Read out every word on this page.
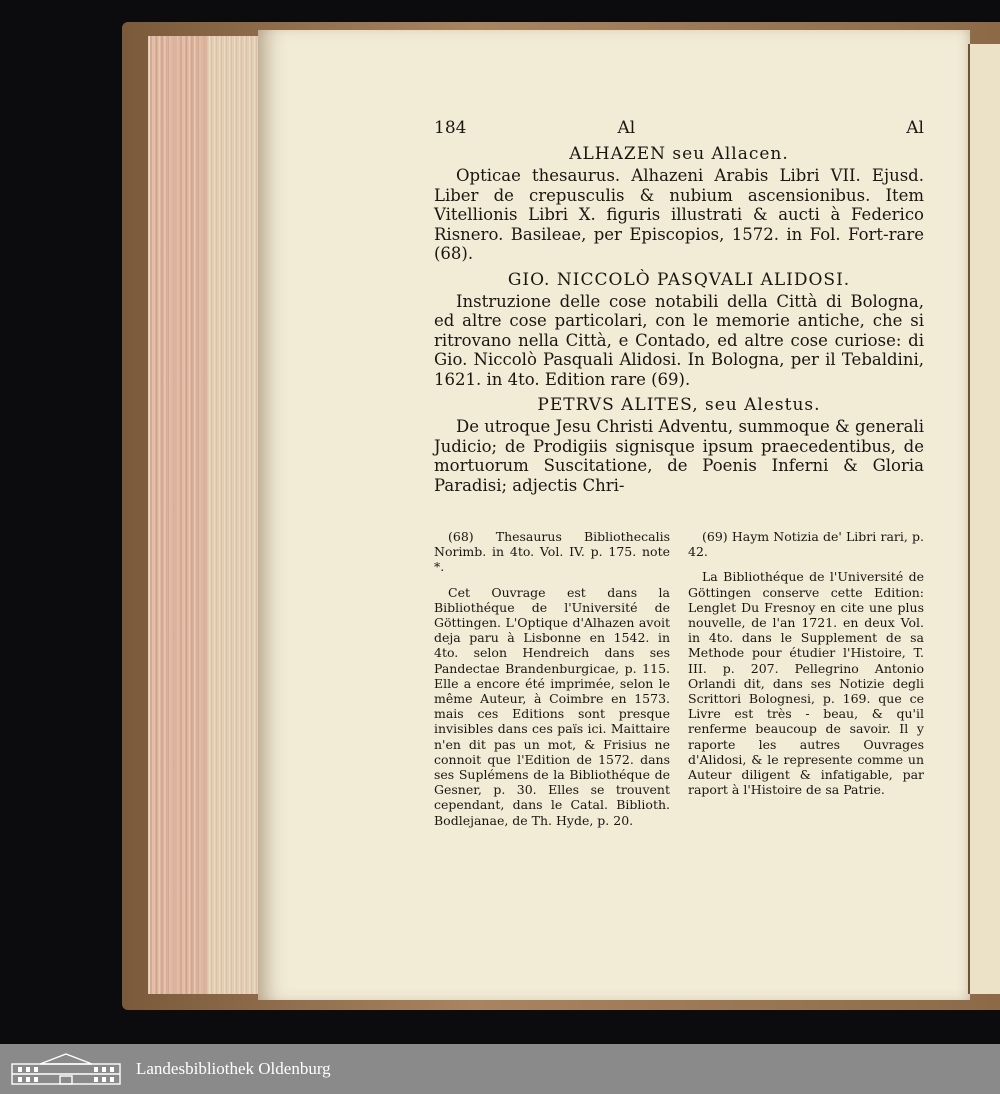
184	Al	Al
ALHAZEN seu Allacen.

Opticae thesaurus. Alhazeni Arabis Libri VII. Ejusd. Liber de crepusculis & nubium ascensionibus. Item Vitellionis Libri X. figuris illustrati & aucti à Federico Risnero. Basileae, per Episcopios, 1572. in Fol. Fort-rare (68).

GIO. NICCOLÒ PASQVALI ALIDOSI.

Instruzione delle cose notabili della Città di Bologna, ed altre cose particolari, con le memorie antiche, che si ritrovano nella Città, e Contado, ed altre cose curiose: di Gio. Niccolò Pasquali Alidosi. In Bologna, per il Tebaldini, 1621. in 4to. Edition rare (69).

PETRVS ALITES, seu Alestus.

De utroque Jesu Christi Adventu, summoque & generali Judicio; de Prodigiis signisque ipsum praecedentibus, de mortuorum Suscitatione, de Poenis Inferni & Gloria Paradisi; adjectis Chri-

(68) Thesaurus Bibliothecalis Norimb. in 4to. Vol. IV. p. 175. note *.

Cet Ouvrage est dans la Bibliothéque de l'Université de Göttingen. L'Optique d'Alhazen avoit deja paru à Lisbonne en 1542. in 4to. selon Hendreich dans ses Pandectae Brandenburgicae, p. 115. Elle a encore été imprimée, selon le même Auteur, à Coimbre en 1573. mais ces Editions sont presque invisibles dans ces païs ici. Maittaire n'en dit pas un mot, & Frisius ne connoit que l'Edition de 1572. dans ses Suplémens de la Bibliothéque de Gesner, p. 30. Elles se trouvent cependant, dans le Catal. Biblioth. Bodlejanae, de Th. Hyde, p. 20.

(69) Haym Notizia de' Libri rari, p. 42.

La Bibliothéque de l'Université de Göttingen conserve cette Edition: Lenglet Du Fresnoy en cite une plus nouvelle, de l'an 1721. en deux Vol. in 4to. dans le Supplement de sa Methode pour étudier l'Histoire, T. III. p. 207. Pellegrino Antonio Orlandi dit, dans ses Notizie degli Scrittori Bolognesi, p. 169. que ce Livre est très - beau, & qu'il renferme beaucoup de savoir. Il y raporte les autres Ouvrages d'Alidosi, & le represente comme un Auteur diligent & infatigable, par raport à l'Histoire de sa Patrie.

Landesbibliothek Oldenburg
